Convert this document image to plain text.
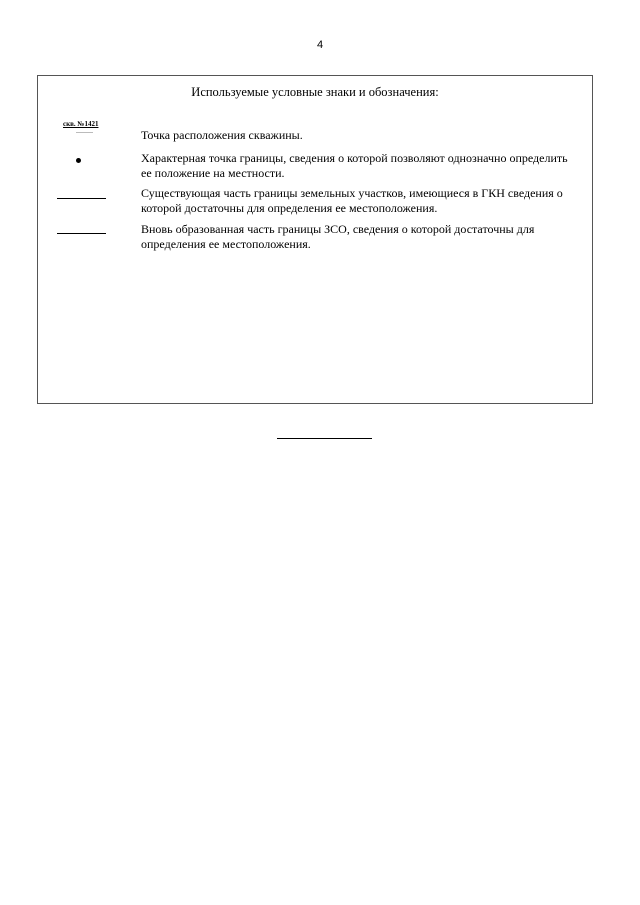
4
Используемые условные знаки и обозначения:
скв. №1421
Точка расположения скважины.
Характерная точка границы, сведения о которой позволяют однозначно определить ее положение на местности.
Существующая часть границы земельных участков, имеющиеся в ГКН сведения о которой достаточны для определения ее местоположения.
Вновь образованная часть границы ЗСО, сведения о которой достаточны для определения ее местоположения.
